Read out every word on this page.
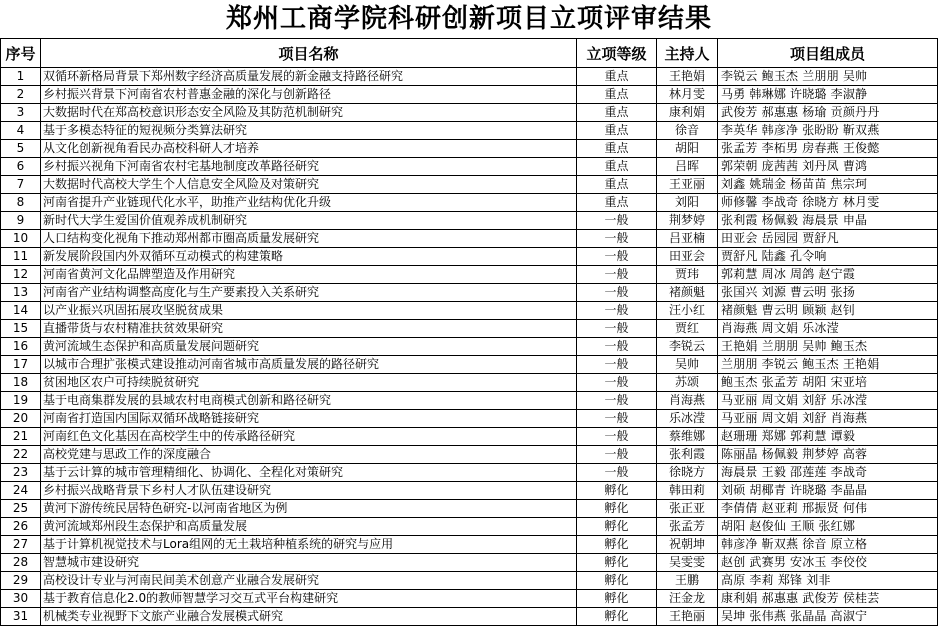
郑州工商学院科研创新项目立项评审结果
序号	项目名称	立项等级	主持人	项目组成员
1	双循环新格局背景下郑州数字经济高质量发展的新金融支持路径研究	重点	王艳娟	李锐云 鲍玉杰 兰朋朋 吴帅
2	乡村振兴背景下河南省农村普惠金融的深化与创新路径	重点	林月雯	马勇 韩琳娜 许晓璐 李淑静
3	大数据时代在郑高校意识形态安全风险及其防范机制研究	重点	康利娟	武俊芳 郝惠惠 杨瑜 贡颜丹丹
4	基于多模态特征的短视频分类算法研究	重点	徐音	李英华 韩彦净 张盼盼 靳双燕
5	从文化创新视角看民办高校科研人才培养	重点	胡阳	张孟芳 李柘男 房春燕 王俊懿
6	乡村振兴视角下河南省农村宅基地制度改革路径研究	重点	吕晖	郭荣朝 庞茜茜 刘丹凤 曹鸿
7	大数据时代高校大学生个人信息安全风险及对策研究	重点	王亚丽	刘鑫 姚瑞金 杨苗苗 焦宗珂
8	河南省提升产业链现代化水平，助推产业结构优化升级	重点	刘阳	师修馨 李战奇 徐晓方 林月雯
9	新时代大学生爱国价值观养成机制研究	一般	荆梦婷	张利霞 杨佩毅 海晨景 申晶
10	人口结构变化视角下推动郑州都市圈高质量发展研究	一般	吕亚楠	田亚会 岳园园 贾舒凡
11	新发展阶段国内外双循环互动模式的构建策略	一般	田亚会	贾舒凡 陆鑫 孔令响
12	河南省黄河文化品牌塑造及作用研究	一般	贾玮	郭莉慧 周冰 周鸽 赵宁霞
13	河南省产业结构调整高度化与生产要素投入关系研究	一般	褚颜魁	张国兴 刘源 曹云明 张扬
14	以产业振兴巩固拓展攻坚脱贫成果	一般	汪小红	褚颜魁 曹云明 顾颖 赵钊
15	直播带货与农村精准扶贫效果研究	一般	贾红	肖海燕 周文娟 乐冰滢
16	黄河流域生态保护和高质量发展问题研究	一般	李锐云	王艳娟 兰朋朋 吴帅 鲍玉杰
17	以城市合理扩张模式建设推动河南省城市高质量发展的路径研究	一般	吴帅	兰朋朋 李锐云 鲍玉杰 王艳娟
18	贫困地区农户可持续脱贫研究	一般	苏颂	鲍玉杰 张孟芳 胡阳 宋亚培
19	基于电商集群发展的县域农村电商模式创新和路径研究	一般	肖海燕	马亚丽 周文娟 刘舒 乐冰滢
20	河南省打造国内国际双循环战略链接研究	一般	乐冰滢	马亚丽 周文娟 刘舒 肖海燕
21	河南红色文化基因在高校学生中的传承路径研究	一般	蔡维娜	赵珊珊 郑娜 郭莉慧 谭毅
22	高校党建与思政工作的深度融合	一般	张利霞	陈丽晶 杨佩毅 荆梦婷 高蓉
23	基于云计算的城市管理精细化、协调化、全程化对策研究	一般	徐晓方	海晨景 王毅 邵莲莲 李战奇
24	乡村振兴战略背景下乡村人才队伍建设研究	孵化	韩田莉	刘硕 胡椰青 许晓璐 李晶晶
25	黄河下游传统民居特色研究-以河南省地区为例	孵化	张正亚	李倩倩 赵亚莉 邢振贤 何伟
26	黄河流域郑州段生态保护和高质量发展	孵化	张孟芳	胡阳 赵俊仙 王顺 张红娜
27	基于计算机视觉技术与Lora组网的无土栽培种植系统的研究与应用	孵化	祝朝坤	韩彦净 靳双燕 徐音 原立格
28	智慧城市建设研究	孵化	吴雯雯	赵创 武赛男 安冰玉 李佼佼
29	高校设计专业与河南民间美术创意产业融合发展研究	孵化	王鹏	高原 李莉 郑锋 刘非
30	基于教育信息化2.0的教师智慧学习交互式平台构建研究	孵化	汪金龙	康利娟 郝惠惠 武俊芳 侯桂芸
31	机械类专业视野下文旅产业融合发展模式研究	孵化	王艳丽	吴坤 张伟燕 张晶晶 高淑宁
